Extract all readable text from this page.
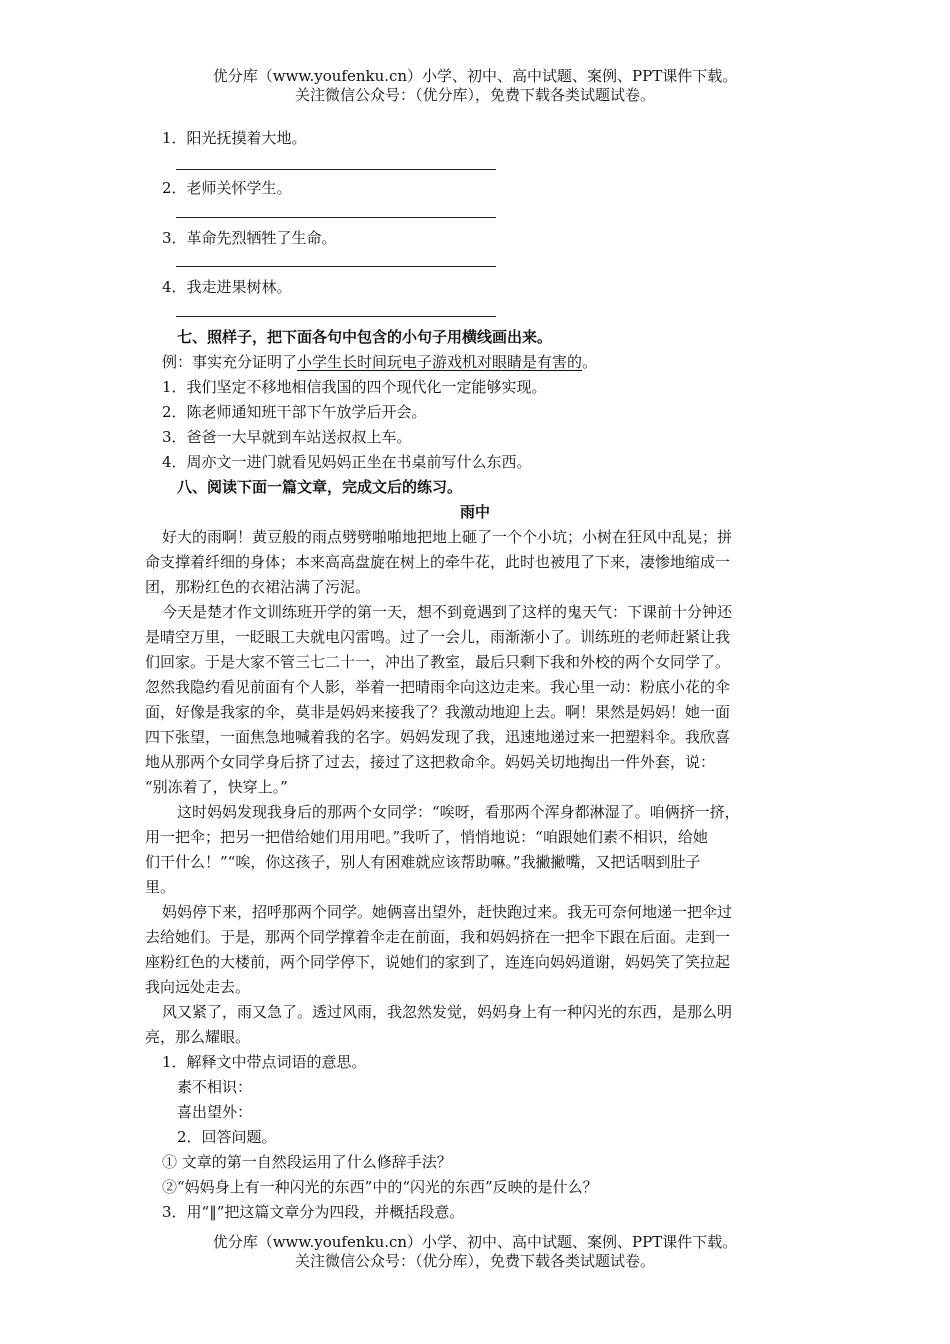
优分库（www.youfenku.cn）小学、初中、高中试题、案例、PPT课件下载。
关注微信公众号：（优分库），免费下载各类试题试卷。
1．阳光抚摸着大地。
2．老师关怀学生。
3．革命先烈牺牲了生命。
4．我走进果树林。
七、照样子，把下面各句中包含的小句子用横线画出来。
例：事实充分证明了小学生长时间玩电子游戏机对眼睛是有害的。
1．我们坚定不移地相信我国的四个现代化一定能够实现。
2．陈老师通知班干部下午放学后开会。
3．爸爸一大早就到车站送叔叔上车。
4．周亦文一进门就看见妈妈正坐在书桌前写什么东西。
八、阅读下面一篇文章，完成文后的练习。
雨中
好大的雨啊！黄豆般的雨点劈劈啪啪地把地上砸了一个个小坑；小树在狂风中乱晃；拼
命支撑着纤细的身体；本来高高盘旋在树上的牵牛花，此时也被甩了下来，凄惨地缩成一
团，那粉红色的衣裙沾满了污泥。
今天是楚才作文训练班开学的第一天，想不到竟遇到了这样的鬼天气：下课前十分钟还
是晴空万里，一眨眼工夫就电闪雷鸣。过了一会儿，雨渐渐小了。训练班的老师赶紧让我
们回家。于是大家不管三七二十一，冲出了教室，最后只剩下我和外校的两个女同学了。
忽然我隐约看见前面有个人影，举着一把晴雨伞向这边走来。我心里一动：粉底小花的伞
面，好像是我家的伞，莫非是妈妈来接我了？我激动地迎上去。啊！果然是妈妈！她一面
四下张望，一面焦急地喊着我的名字。妈妈发现了我，迅速地递过来一把塑料伞。我欣喜
地从那两个女同学身后挤了过去，接过了这把救命伞。妈妈关切地掏出一件外套，说：
“别冻着了，快穿上。”
这时妈妈发现我身后的那两个女同学：“唉呀，看那两个浑身都淋湿了。咱俩挤一挤，
用一把伞；把另一把借给她们用用吧。”我听了，悄悄地说：“咱跟她们素不相识，给她
们干什么！”“唉，你这孩子，别人有困难就应该帮助嘛。”我撇撇嘴，又把话咽到肚子
里。
妈妈停下来，招呼那两个同学。她俩喜出望外，赶快跑过来。我无可奈何地递一把伞过
去给她们。于是，那两个同学撑着伞走在前面，我和妈妈挤在一把伞下跟在后面。走到一
座粉红色的大楼前，两个同学停下，说她们的家到了，连连向妈妈道谢，妈妈笑了笑拉起
我向远处走去。
风又紧了，雨又急了。透过风雨，我忽然发觉，妈妈身上有一种闪光的东西，是那么明
亮，那么耀眼。
1．解释文中带点词语的意思。
素不相识：
喜出望外：
2．回答问题。
① 文章的第一自然段运用了什么修辞手法？
②“妈妈身上有一种闪光的东西”中的“闪光的东西”反映的是什么？
3．用“‖”把这篇文章分为四段，并概括段意。
优分库（www.youfenku.cn）小学、初中、高中试题、案例、PPT课件下载。
关注微信公众号：（优分库），免费下载各类试题试卷。
